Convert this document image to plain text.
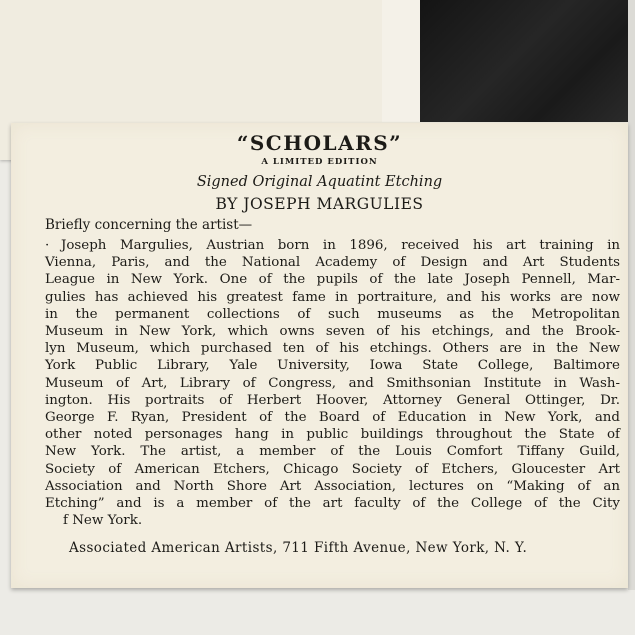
“SCHOLARS”
A LIMITED EDITION
Signed Original Aquatint Etching
BY JOSEPH MARGULIES
Briefly concerning the artist—
· Joseph Margulies, Austrian born in 1896, received his art training in
Vienna, Paris, and the National Academy of Design and Art Students
League in New York. One of the pupils of the late Joseph Pennell, Mar-
gulies has achieved his greatest fame in portraiture, and his works are now
in the permanent collections of such museums as the Metropolitan
Museum in New York, which owns seven of his etchings, and the Brook-
lyn Museum, which purchased ten of his etchings. Others are in the New
York Public Library, Yale University, Iowa State College, Baltimore
Museum of Art, Library of Congress, and Smithsonian Institute in Wash-
ington. His portraits of Herbert Hoover, Attorney General Ottinger, Dr.
George F. Ryan, President of the Board of Education in New York, and
other noted personages hang in public buildings throughout the State of
New York. The artist, a member of the Louis Comfort Tiffany Guild,
Society of American Etchers, Chicago Society of Etchers, Gloucester Art
Association and North Shore Art Association, lectures on “Making of an
Etching” and is a member of the art faculty of the College of the City
f New York.
Associated American Artists, 711 Fifth Avenue, New York, N. Y.
